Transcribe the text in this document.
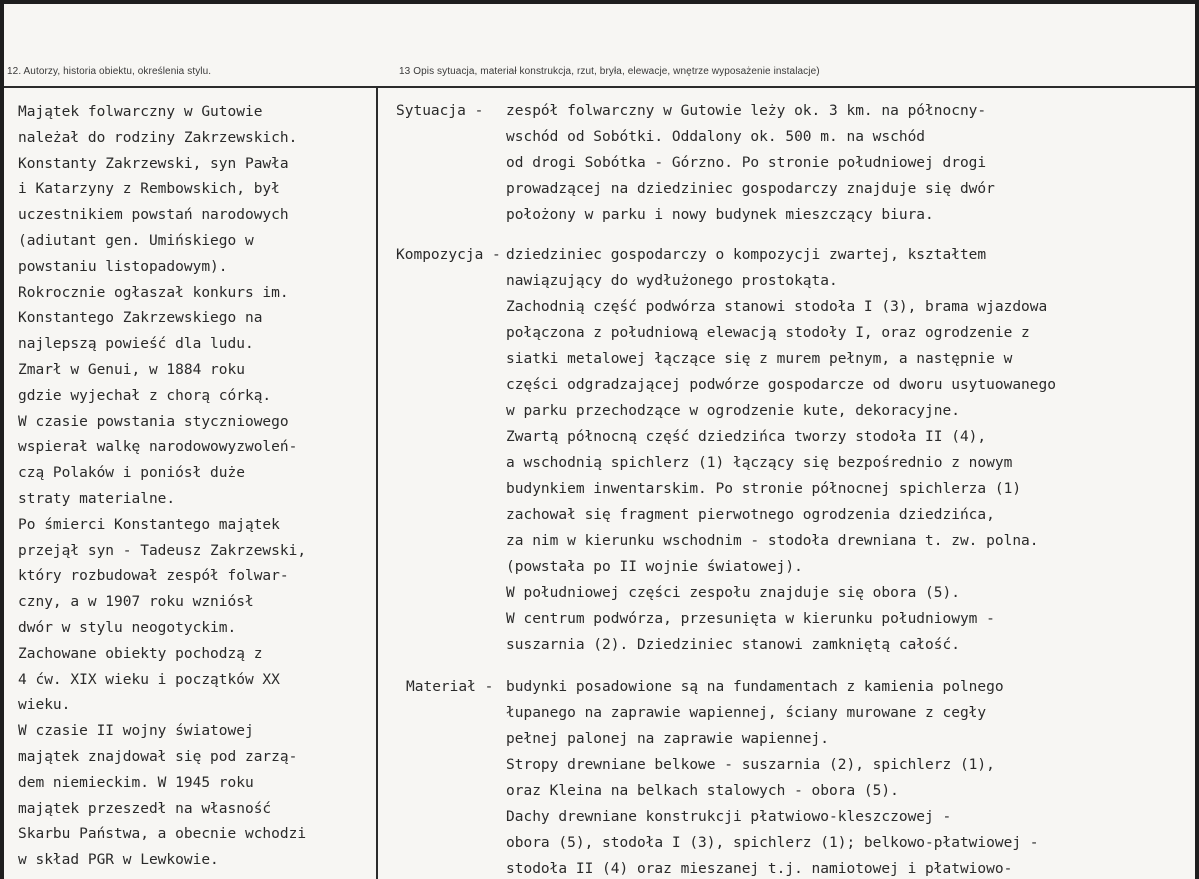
12. Autorzy, historia obiektu, określenia stylu.	13 Opis sytuacja, materiał konstrukcja, rzut, bryła, elewacje, wnętrze wyposażenie instalacje)
Majątek folwarczny w Gutowie
należał do rodziny Zakrzewskich.
Konstanty Zakrzewski, syn Pawła
i Katarzyny z Rembowskich, był
uczestnikiem powstań narodowych
(adiutant gen. Umińskiego w
powstaniu listopadowym).
Rokrocznie ogłaszał konkurs im.
Konstantego Zakrzewskiego na
najlepszą powieść dla ludu.
Zmarł w Genui, w 1884 roku
gdzie wyjechał z chorą córką.
W czasie powstania styczniowego
wspierał walkę narodowowyzwoleń-
czą Polaków i poniósł duże
straty materialne.
Po śmierci Konstantego majątek
przejął syn - Tadeusz Zakrzewski,
który rozbudował zespół folwar-
czny, a w 1907 roku wzniósł
dwór w stylu neogotyckim.
Zachowane obiekty pochodzą z
4 ćw. XIX wieku i początków XX
wieku.
W czasie II wojny światowej
majątek znajdował się pod zarzą-
dem niemieckim. W 1945 roku
majątek przeszedł na własność
Skarbu Państwa, a obecnie wchodzi
w skład PGR w Lewkowie.
Sytuacja - zespół folwarczny w Gutowie leży ok. 3 km. na północny-
wschód od Sobótki. Oddalony ok. 500 m. na wschód
od drogi Sobótka - Górzno. Po stronie południowej drogi
prowadzącej na dziedziniec gospodarczy znajduje się dwór
położony w parku i nowy budynek mieszczący biura.
Kompozycja - dziedziniec gospodarczy o kompozycji zwartej, kształtem
nawiązujący do wydłużonego prostokąta.
Zachodnią część podwórza stanowi stodoła I (3), brama wjazdowa
połączona z południową elewacją stodoły I, oraz ogrodzenie z
siatki metalowej łączące się z murem pełnym, a następnie w
części odgradzającej podwórze gospodarcze od dworu usytuowanego
w parku przechodzące w ogrodzenie kute, dekoracyjne.
Zwartą północną część dziedzińca tworzy stodoła II (4),
a wschodnią spichlerz (1) łączący się bezpośrednio z nowym
budynkiem inwentarskim. Po stronie północnej spichlerza (1)
zachował się fragment pierwotnego ogrodzenia dziedzińca,
za nim w kierunku wschodnim - stodoła drewniana t. zw. polna.
(powstała po II wojnie światowej).
W południowej części zespołu znajduje się obora (5).
W centrum podwórza, przesunięta w kierunku południowym -
suszarnia (2). Dziedziniec stanowi zamkniętą całość.
Materiał - budynki posadowione są na fundamentach z kamienia polnego
łupanego na zaprawie wapiennej, ściany murowane z cegły
pełnej palonej na zaprawie wapiennej.
Stropy drewniane belkowe - suszarnia (2), spichlerz (1),
oraz Kleina na belkach stalowych - obora (5).
Dachy drewniane konstrukcji płatwiowo-kleszczowej -
obora (5), stodoła I (3), spichlerz (1); belkowo-płatwiowej -
stodoła II (4) oraz mieszanej t.j. namiotowej i płatwiowo-
